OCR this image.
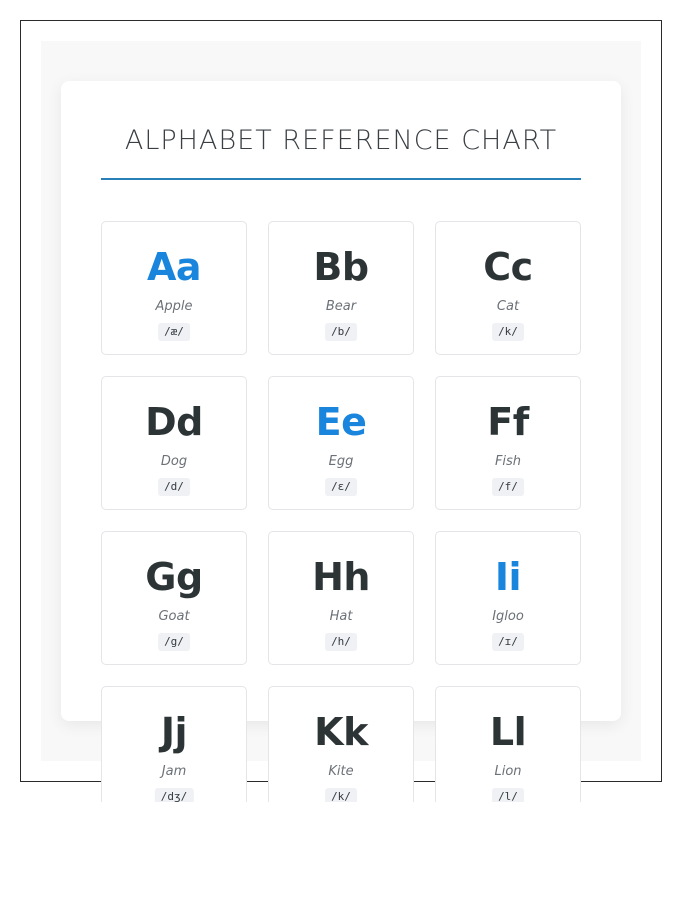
ALPHABET REFERENCE CHART
Aa
Apple
/æ/
Bb
Bear
/b/
Cc
Cat
/k/
Dd
Dog
/d/
Ee
Egg
/ɛ/
Ff
Fish
/f/
Gg
Goat
/g/
Hh
Hat
/h/
Ii
Igloo
/ɪ/
Jj
Jam
/dʒ/
Kk
Kite
/k/
Ll
Lion
/l/
